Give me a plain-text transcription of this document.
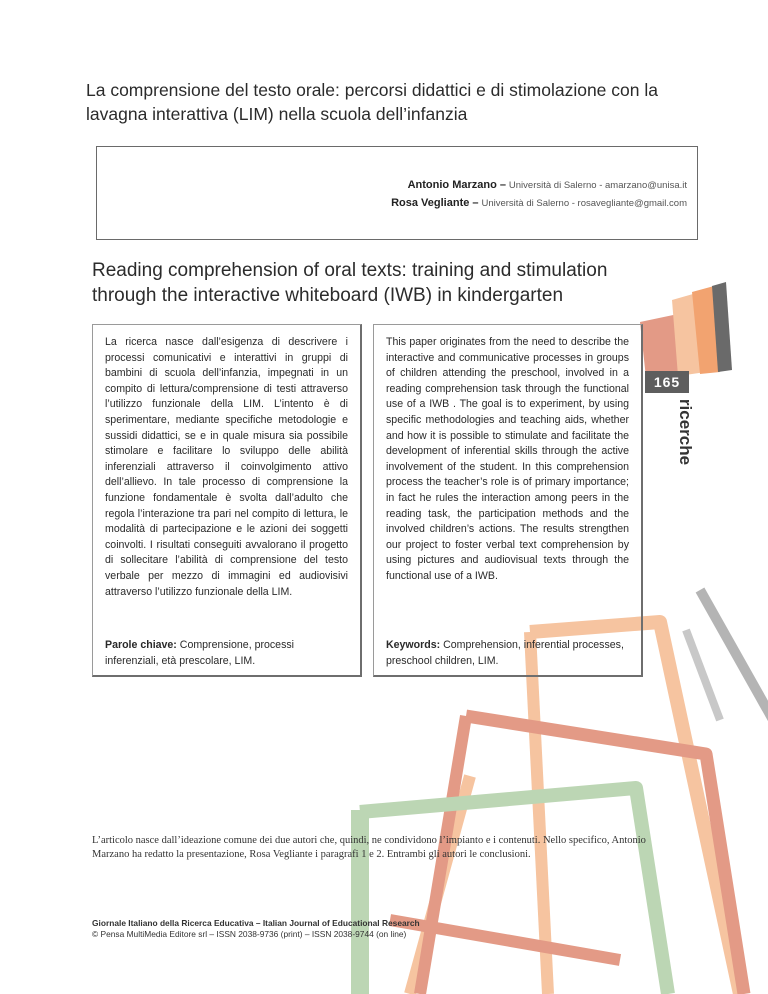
La comprensione del testo orale: percorsi didattici e di stimolazione con la lavagna interattiva (LIM) nella scuola dell’infanzia
Antonio Marzano – Università di Salerno - amarzano@unisa.it
Rosa Vegliante – Università di Salerno - rosavegliante@gmail.com
Reading comprehension of oral texts: training and stimulation through the interactive whiteboard (IWB) in kindergarten

La ricerca nasce dall’esigenza di descrivere i processi comunicativi e interattivi in gruppi di bambini di scuola dell’infanzia, impegnati in un compito di lettura/comprensione di testi attraverso l’utilizzo funzionale della LIM. L’intento è di sperimentare, mediante specifiche metodologie e sussidi didattici, se e in quale misura sia possibile stimolare e facilitare lo sviluppo delle abilità inferenziali attraverso il coinvolgimento attivo dell’allievo. In tale processo di comprensione la funzione fondamentale è svolta dall’adulto che regola l’interazione tra pari nel compito di lettura, le modalità di partecipazione e le azioni dei soggetti coinvolti. I risultati conseguiti avvalorano il progetto di sollecitare l’abilità di comprensione del testo verbale per mezzo di immagini ed audiovisivi attraverso l’utilizzo funzionale della LIM.

Parole chiave: Comprensione, processi inferenziali, età prescolare, LIM.

This paper originates from the need to describe the interactive and communicative processes in groups of children attending the preschool, involved in a reading comprehension task through the functional use of a IWB . The goal is to experiment, by using specific methodologies and teaching aids, whether and how it is possible to stimulate and facilitate the development of inferential skills through the active involvement of the student. In this comprehension process the teacher’s role is of primary importance; in fact he rules the interaction among peers in the reading task, the participation methods and the involved children’s actions. The results strengthen our project to foster verbal text comprehension by using pictures and audiovisual texts through the functional use of a IWB.

Keywords: Comprehension, inferential processes, preschool children, LIM.
165
ricerche

L’articolo nasce dall’ideazione comune dei due autori che, quindi, ne condividono l’impianto e i contenuti. Nello specifico, Antonio Marzano ha redatto la presentazione, Rosa Vegliante i paragrafi 1 e 2. Entrambi gli autori le conclusioni.

Giornale Italiano della Ricerca Educativa – Italian Journal of Educational Research
© Pensa MultiMedia Editore srl – ISSN 2038-9736 (print) – ISSN 2038-9744 (on line)
